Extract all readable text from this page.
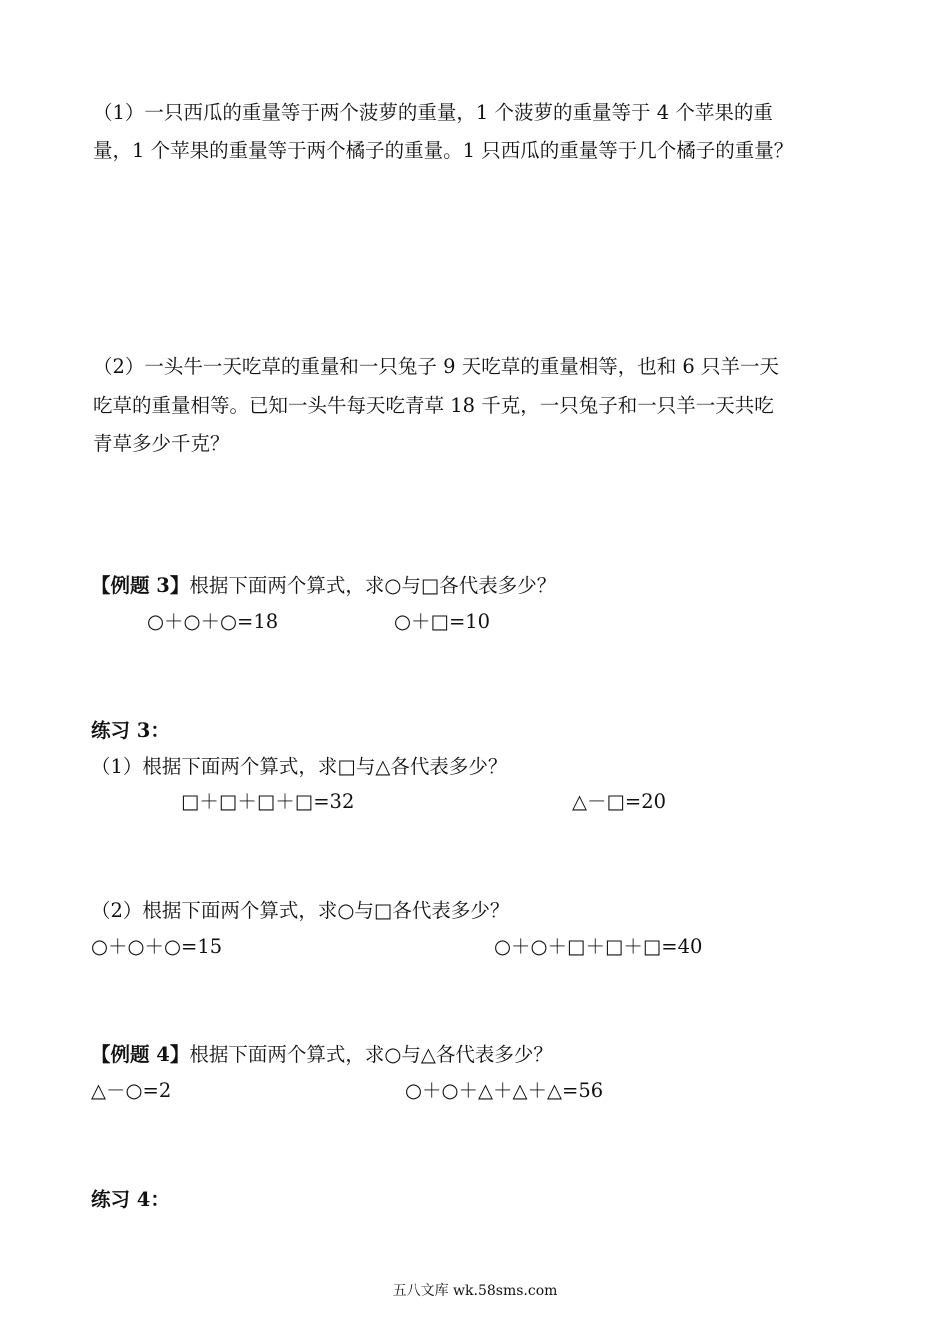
（1）一只西瓜的重量等于两个菠萝的重量，1 个菠萝的重量等于 4 个苹果的重
量，1 个苹果的重量等于两个橘子的重量。1 只西瓜的重量等于几个橘子的重量？
（2）一头牛一天吃草的重量和一只兔子 9 天吃草的重量相等，也和 6 只羊一天
吃草的重量相等。已知一头牛每天吃青草 18 千克，一只兔子和一只羊一天共吃
青草多少千克？
【例题 3】根据下面两个算式，求○与□各代表多少？
○＋○＋○=18	○＋□=10
练习 3：
（1）根据下面两个算式，求□与△各代表多少？
□＋□＋□＋□=32	△－□=20
（2）根据下面两个算式，求○与□各代表多少？
○＋○＋○=15	○＋○＋□＋□＋□=40
【例题 4】根据下面两个算式，求○与△各代表多少？
△－○=2	○＋○＋△＋△＋△=56
练习 4：
五八文库 wk.58sms.com
